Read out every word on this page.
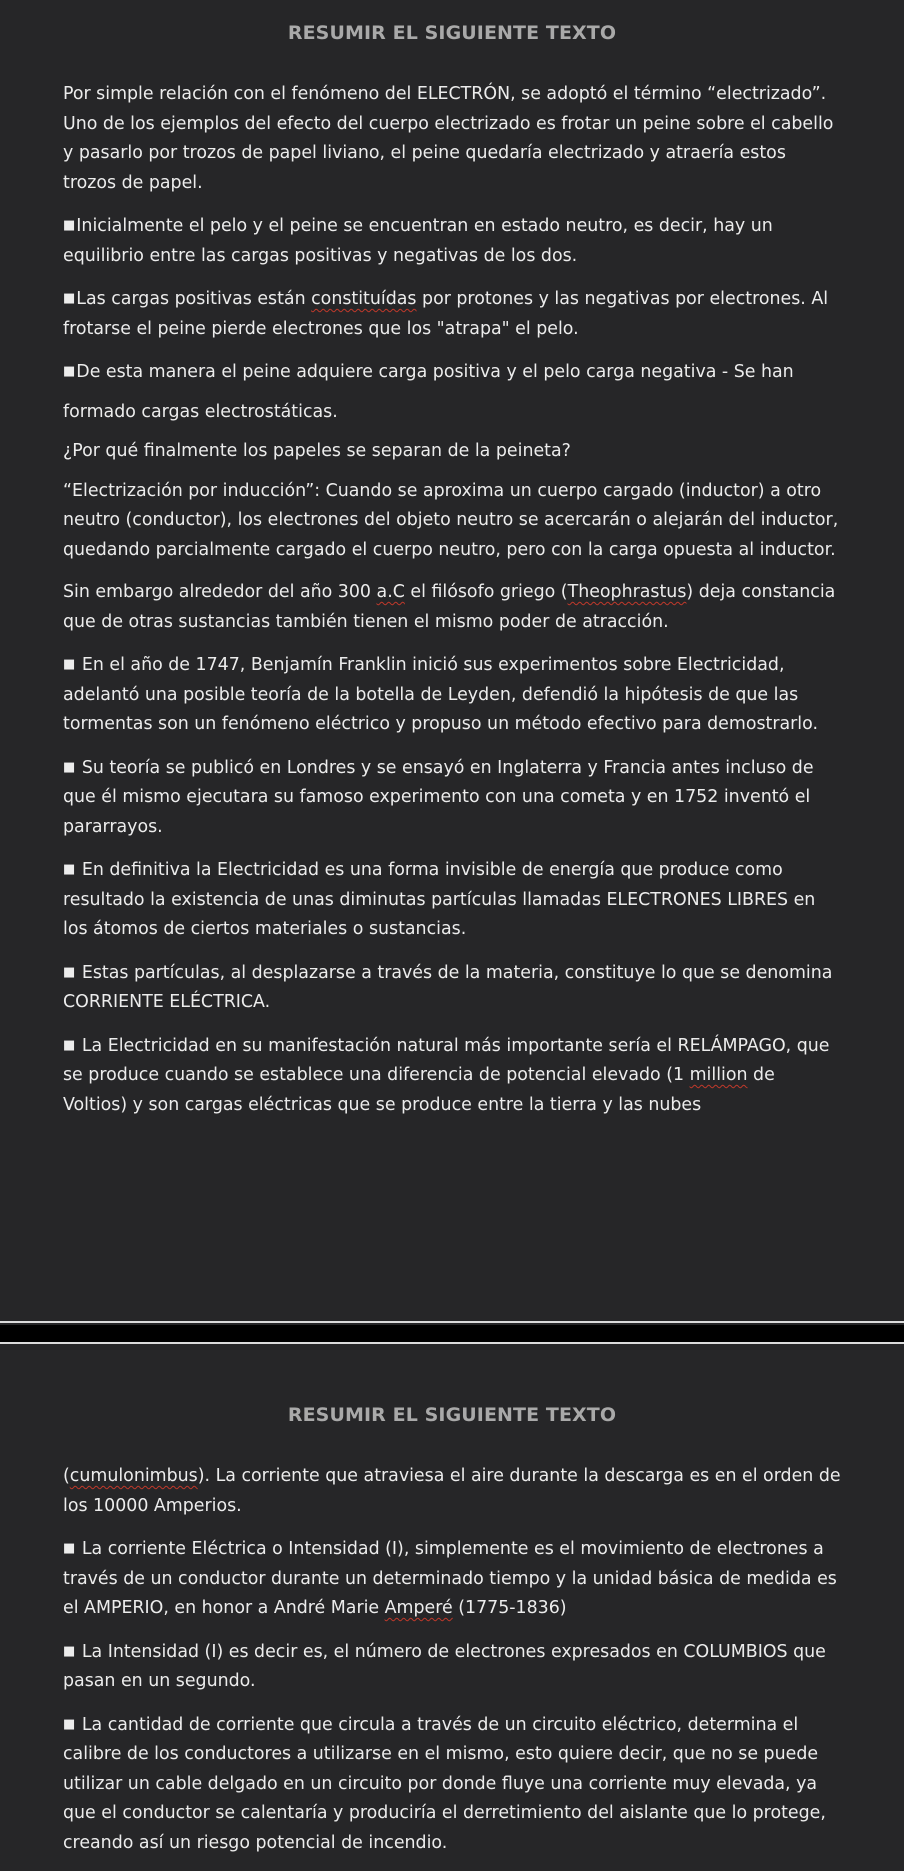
RESUMIR EL SIGUIENTE TEXTO

Por simple relación con el fenómeno del ELECTRÓN, se adoptó el término “electrizado”. Uno de los ejemplos del efecto del cuerpo electrizado es frotar un peine sobre el cabello y pasarlo por trozos de papel liviano, el peine quedaría electrizado y atraería estos trozos de papel.

■Inicialmente el pelo y el peine se encuentran en estado neutro, es decir, hay un equilibrio entre las cargas positivas y negativas de los dos.

■Las cargas positivas están constituídas por protones y las negativas por electrones. Al frotarse el peine pierde electrones que los "atrapa" el pelo.

■De esta manera el peine adquiere carga positiva y el pelo carga negativa - Se han

formado cargas electrostáticas.

¿Por qué finalmente los papeles se separan de la peineta?

“Electrización por inducción”: Cuando se aproxima un cuerpo cargado (inductor) a otro neutro (conductor), los electrones del objeto neutro se acercarán o alejarán del inductor, quedando parcialmente cargado el cuerpo neutro, pero con la carga opuesta al inductor.

Sin embargo alrededor del año 300 a.C el filósofo griego (Theophrastus) deja constancia que de otras sustancias también tienen el mismo poder de atracción.

■ En el año de 1747, Benjamín Franklin inició sus experimentos sobre Electricidad, adelantó una posible teoría de la botella de Leyden, defendió la hipótesis de que las tormentas son un fenómeno eléctrico y propuso un método efectivo para demostrarlo.

■ Su teoría se publicó en Londres y se ensayó en Inglaterra y Francia antes incluso de que él mismo ejecutara su famoso experimento con una cometa y en 1752 inventó el pararrayos.

■ En definitiva la Electricidad es una forma invisible de energía que produce como resultado la existencia de unas diminutas partículas llamadas ELECTRONES LIBRES en los átomos de ciertos materiales o sustancias.

■ Estas partículas, al desplazarse a través de la materia, constituye lo que se denomina CORRIENTE ELÉCTRICA.

■ La Electricidad en su manifestación natural más importante sería el RELÁMPAGO, que se produce cuando se establece una diferencia de potencial elevado (1 million de Voltios) y son cargas eléctricas que se produce entre la tierra y las nubes

RESUMIR EL SIGUIENTE TEXTO

(cumulonimbus). La corriente que atraviesa el aire durante la descarga es en el orden de los 10000 Amperios.

■ La corriente Eléctrica o Intensidad (I), simplemente es el movimiento de electrones a través de un conductor durante un determinado tiempo y la unidad básica de medida es el AMPERIO, en honor a André Marie Amperé (1775-1836)

■ La Intensidad (I) es decir es, el número de electrones expresados en COLUMBIOS que pasan en un segundo.

■ La cantidad de corriente que circula a través de un circuito eléctrico, determina el calibre de los conductores a utilizarse en el mismo, esto quiere decir, que no se puede utilizar un cable delgado en un circuito por donde fluye una corriente muy elevada, ya que el conductor se calentaría y produciría el derretimiento del aislante que lo protege, creando así un riesgo potencial de incendio.
